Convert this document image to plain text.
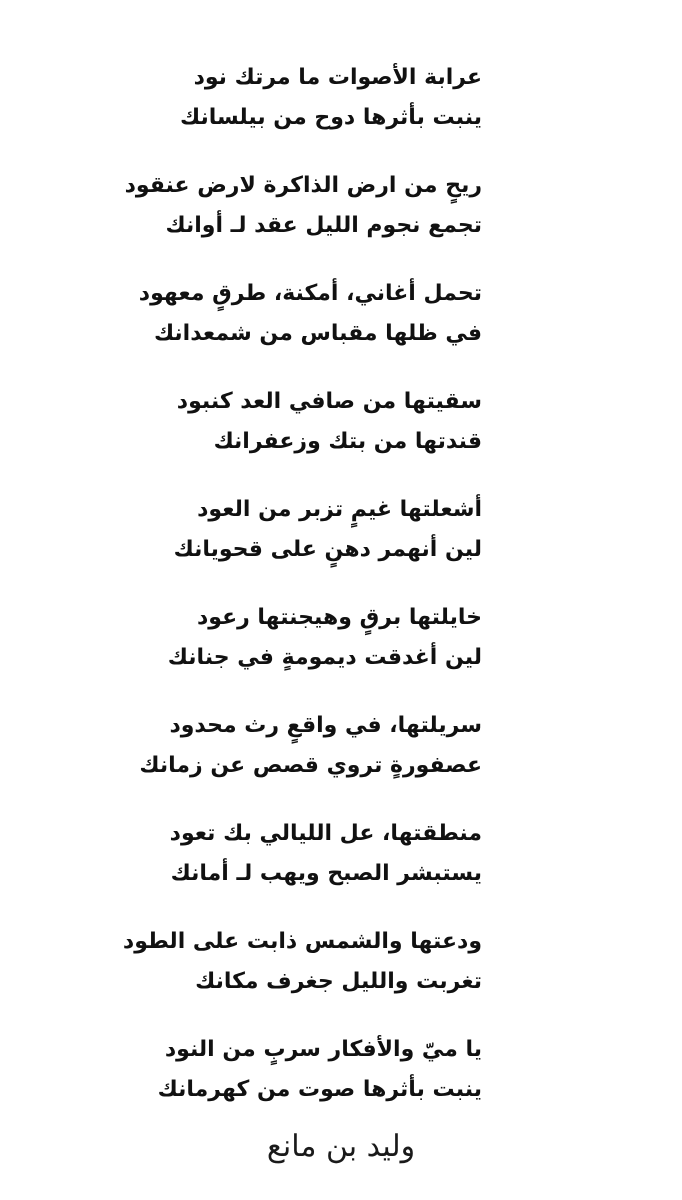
عرابة الأصوات ما مرتك نود
ينبت بأثرها دوح من بيلسانك
ريحٍ من ارض الذاكرة لارض عنقود
تجمع نجوم الليل عقد لـ أوانك
تحمل أغاني، أمكنة، طرقٍ معهود
في ظلها مقباس من شمعدانك
سقيتها من صافي العد كنبود
قندتها من بتك وزعفرانك
أشعلتها غيمٍ تزبر من العود
لين أنهمر دهنٍ على قحويانك
خايلتها برقٍ وهيجنتها رعود
لين أغدقت ديمومةٍ في جنانك
سريلتها، في واقعٍ رث محدود
عصفورةٍ تروي قصص عن زمانك
منطقتها، عل الليالي بك تعود
يستبشر الصبح ويهب لـ أمانك
ودعتها والشمس ذابت على الطود
تغربت والليل جغرف مكانك
يا ميّ والأفكار سربٍ من النود
ينبت بأثرها صوت من كهرمانك
وليد بن مانع
